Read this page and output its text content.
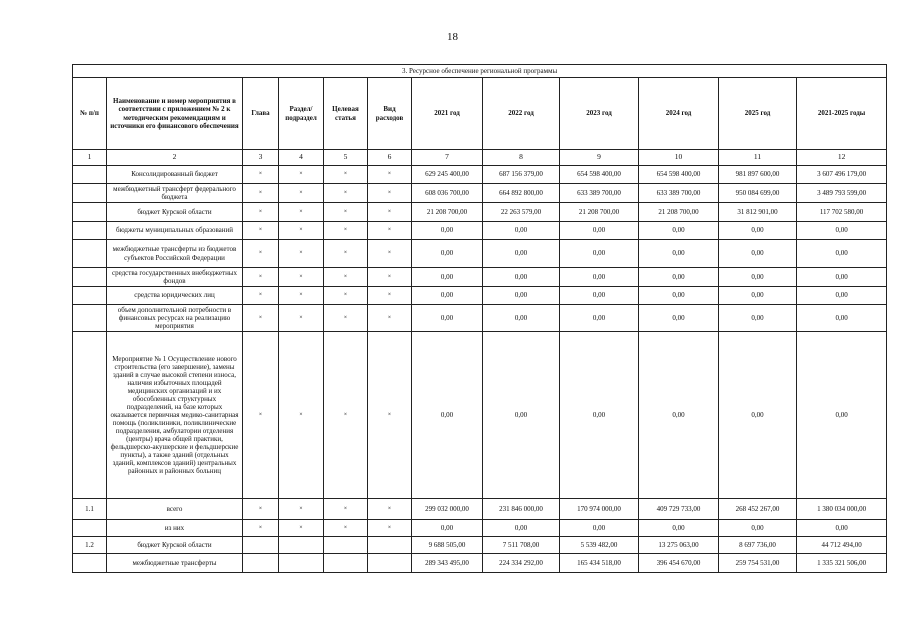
18
3. Ресурсное обеспечение региональной программы											
№ п/п	Наименование и номер мероприятия в соответствии с приложением № 2 к методическим рекомендациям и источники его финансового обеспечения	Глава	Раздел/ подраздел	Целевая статья	Вид расходов	2021 год	2022 год	2023 год	2024 год	2025 год	2021-2025 годы
1	2	3	4	5	6	7	8	9	10	11	12
	Консолидированный бюджет	×	×	×	×	629 245 400,00	687 156 379,00	654 598 400,00	654 598 400,00	981 897 600,00	3 607 496 179,00
	межбюджетный трансферт федерального бюджета	×	×	×	×	608 036 700,00	664 892 800,00	633 389 700,00	633 389 700,00	950 084 699,00	3 489 793 599,00
	бюджет Курской области	×	×	×	×	21 208 700,00	22 263 579,00	21 208 700,00	21 208 700,00	31 812 901,00	117 702 580,00
	бюджеты муниципальных образований	×	×	×	×	0,00	0,00	0,00	0,00	0,00	0,00
	межбюджетные трансферты из бюджетов субъектов Российской Федерации	×	×	×	×	0,00	0,00	0,00	0,00	0,00	0,00
	средства государственных внебюджетных фондов	×	×	×	×	0,00	0,00	0,00	0,00	0,00	0,00
	средства юридических лиц	×	×	×	×	0,00	0,00	0,00	0,00	0,00	0,00
	объем дополнительной потребности в финансовых ресурсах на реализацию мероприятия	×	×	×	×	0,00	0,00	0,00	0,00	0,00	0,00
	Мероприятие № 1 Осуществление нового строительства (его завершение), замены зданий в случае высокой степени износа, наличия избыточных площадей медицинских организаций и их обособленных структурных подразделений, на базе которых оказывается первичная медико-санитарная помощь (поликлиники, поликлинические подразделения, амбулатории отделения (центры) врача общей практики, фельдшерско-акушерские и фельдшерские пункты), а также зданий (отдельных зданий, комплексов зданий) центральных районных и районных больниц	×	×	×	×	0,00	0,00	0,00	0,00	0,00	0,00
1.1	всего	×	×	×	×	299 032 000,00	231 846 000,00	170 974 000,00	409 729 733,00	268 452 267,00	1 380 034 000,00
	из них	×	×	×	×	0,00	0,00	0,00	0,00	0,00	0,00
1.2	бюджет Курской области					9 688 505,00	7 511 708,00	5 539 482,00	13 275 063,00	8 697 736,00	44 712 494,00
	межбюджетные трансферты					289 343 495,00	224 334 292,00	165 434 518,00	396 454 670,00	259 754 531,00	1 335 321 506,00
